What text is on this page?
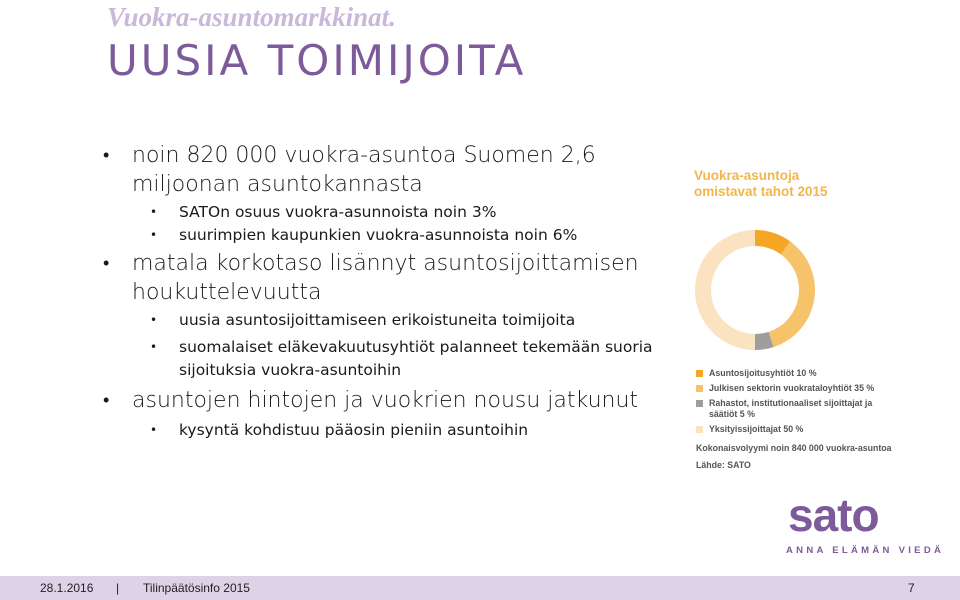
Vuokra-asuntomarkkinat.
UUSIA TOIMIJOITA
• noin 820 000 vuokra-asuntoa Suomen 2,6 miljoonan asuntokannasta
• SATOn osuus vuokra-asunnoista noin 3%
• suurimpien kaupunkien vuokra-asunnoista noin 6%
• matala korkotaso lisännyt asuntosijoittamisen houkuttelevuutta
• uusia asuntosijoittamiseen erikoistuneita toimijoita
• suomalaiset eläkevakuutusyhtiöt palanneet tekemään suoria sijoituksia vuokra-asuntoihin
• asuntojen hintojen ja vuokrien nousu jatkunut
• kysyntä kohdistuu pääosin pieniin asuntoihin
Vuokra-asuntoja omistavat tahot 2015
Asuntosijoitusyhtiöt 10 %
Julkisen sektorin vuokrataloyhtiöt 35 %
Rahastot, institutionaaliset sijoittajat ja säätiöt 5 %
Yksityissijoittajat 50 %
Kokonaisvolyymi noin 840 000 vuokra-asuntoa
Lähde: SATO
sato
ANNA ELÄMÄN VIEDÄ
28.1.2016 | Tilinpäätösinfo 2015	7
